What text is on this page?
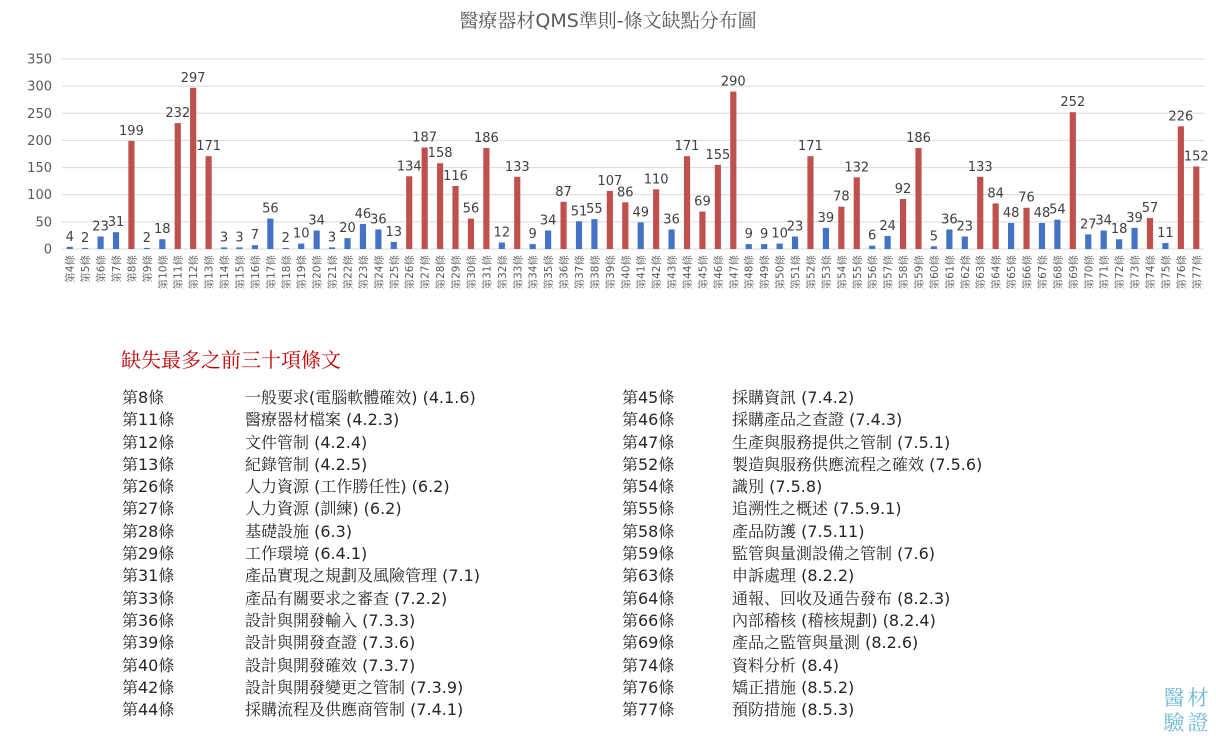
醫療器材QMS準則-條文缺點分布圖
0
50
100
150
200
250
300
350
4
第4條
2
第5條
23
第6條
31
第7條
199
第8條
2
第9條
18
第10條
232
第11條
297
第12條
171
第13條
3
第14條
3
第15條
7
第16條
56
第17條
2
第18條
10
第19條
34
第20條
3
第21條
20
第22條
46
第23條
36
第24條
13
第25條
134
第26條
187
第27條
158
第28條
116
第29條
56
第30條
186
第31條
12
第32條
133
第33條
9
第34條
34
第35條
87
第36條
51
第37條
55
第38條
107
第39條
86
第40條
49
第41條
110
第42條
36
第43條
171
第44條
69
第45條
155
第46條
290
第47條
9
第48條
9
第49條
10
第50條
23
第51條
171
第52條
39
第53條
78
第54條
132
第55條
6
第56條
24
第57條
92
第58條
186
第59條
5
第60條
36
第61條
23
第62條
133
第63條
84
第64條
48
第65條
76
第66條
48
第67條
54
第68條
252
第69條
27
第70條
34
第71條
18
第72條
39
第73條
57
第74條
11
第75條
226
第76條
152
第77條
缺失最多之前三十項條文
第8條	一般要求(電腦軟體確效) (4.1.6)
第11條	醫療器材檔案 (4.2.3)
第12條	文件管制 (4.2.4)
第13條	紀錄管制 (4.2.5)
第26條	人力資源 (工作勝任性) (6.2)
第27條	人力資源 (訓練) (6.2)
第28條	基礎設施 (6.3)
第29條	工作環境 (6.4.1)
第31條	產品實現之規劃及風險管理 (7.1)
第33條	產品有關要求之審查 (7.2.2)
第36條	設計與開發輸入 (7.3.3)
第39條	設計與開發查證 (7.3.6)
第40條	設計與開發確效 (7.3.7)
第42條	設計與開發變更之管制 (7.3.9)
第44條	採購流程及供應商管制 (7.4.1)
第45條	採購資訊 (7.4.2)
第46條	採購產品之查證 (7.4.3)
第47條	生產與服務提供之管制 (7.5.1)
第52條	製造與服務供應流程之確效 (7.5.6)
第54條	識別 (7.5.8)
第55條	追溯性之概述 (7.5.9.1)
第58條	產品防護 (7.5.11)
第59條	監管與量測設備之管制 (7.6)
第63條	申訴處理 (8.2.2)
第64條	通報、回收及通告發布 (8.2.3)
第66條	內部稽核 (稽核規劃) (8.2.4)
第69條	產品之監管與量測 (8.2.6)
第74條	資料分析 (8.4)
第76條	矯正措施 (8.5.2)
第77條	預防措施 (8.5.3)	醫 材
驗 證
